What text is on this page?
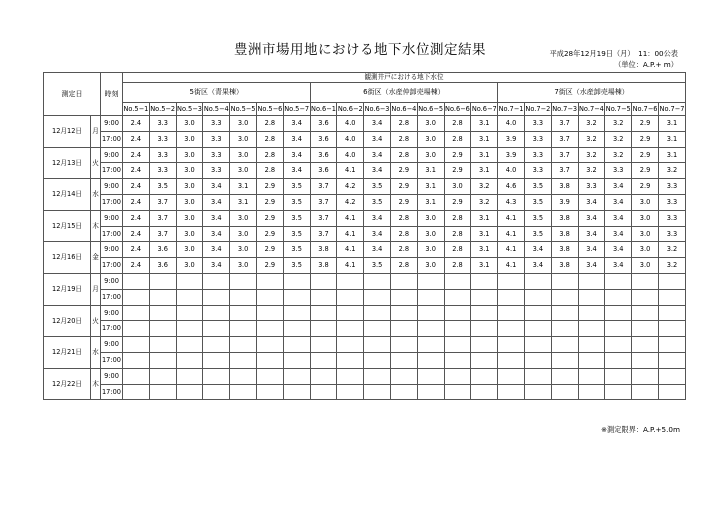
豊洲市場用地における地下水位測定結果	平成28年12月19日（月）　11：00公表
（単位：A.P.+ m）
測定日		時刻	観測井戸における地下水位																				
			5街区（青果棟）							6街区（水産仲卸売場棟）							7街区（水産卸売場棟）						
			No.5−1	No.5−2	No.5−3	No.5−4	No.5−5	No.5−6	No.5−7	No.6−1	No.6−2	No.6−3	No.6−4	No.6−5	No.6−6	No.6−7	No.7−1	No.7−2	No.7−3	No.7−4	No.7−5	No.7−6	No.7−7
12月12日	月	9:00	2.4	3.3	3.0	3.3	3.0	2.8	3.4	3.6	4.0	3.4	2.8	3.0	2.8	3.1	4.0	3.3	3.7	3.2	3.2	2.9	3.1
		17:00	2.4	3.3	3.0	3.3	3.0	2.8	3.4	3.6	4.0	3.4	2.8	3.0	2.8	3.1	3.9	3.3	3.7	3.2	3.2	2.9	3.1
12月13日	火	9:00	2.4	3.3	3.0	3.3	3.0	2.8	3.4	3.6	4.0	3.4	2.8	3.0	2.9	3.1	3.9	3.3	3.7	3.2	3.2	2.9	3.1
		17:00	2.4	3.3	3.0	3.3	3.0	2.8	3.4	3.6	4.1	3.4	2.9	3.1	2.9	3.1	4.0	3.3	3.7	3.2	3.3	2.9	3.2
12月14日	水	9:00	2.4	3.5	3.0	3.4	3.1	2.9	3.5	3.7	4.2	3.5	2.9	3.1	3.0	3.2	4.6	3.5	3.8	3.3	3.4	2.9	3.3
		17:00	2.4	3.7	3.0	3.4	3.1	2.9	3.5	3.7	4.2	3.5	2.9	3.1	2.9	3.2	4.3	3.5	3.9	3.4	3.4	3.0	3.3
12月15日	木	9:00	2.4	3.7	3.0	3.4	3.0	2.9	3.5	3.7	4.1	3.4	2.8	3.0	2.8	3.1	4.1	3.5	3.8	3.4	3.4	3.0	3.3
		17:00	2.4	3.7	3.0	3.4	3.0	2.9	3.5	3.7	4.1	3.4	2.8	3.0	2.8	3.1	4.1	3.5	3.8	3.4	3.4	3.0	3.3
12月16日	金	9:00	2.4	3.6	3.0	3.4	3.0	2.9	3.5	3.8	4.1	3.4	2.8	3.0	2.8	3.1	4.1	3.4	3.8	3.4	3.4	3.0	3.2
		17:00	2.4	3.6	3.0	3.4	3.0	2.9	3.5	3.8	4.1	3.5	2.8	3.0	2.8	3.1	4.1	3.4	3.8	3.4	3.4	3.0	3.2
12月19日	月	9:00																					
		17:00																					
12月20日	火	9:00																					
		17:00																					
12月21日	水	9:00																					
		17:00																					
12月22日	木	9:00																					
		17:00																					
※測定限界：A.P.+5.0m
